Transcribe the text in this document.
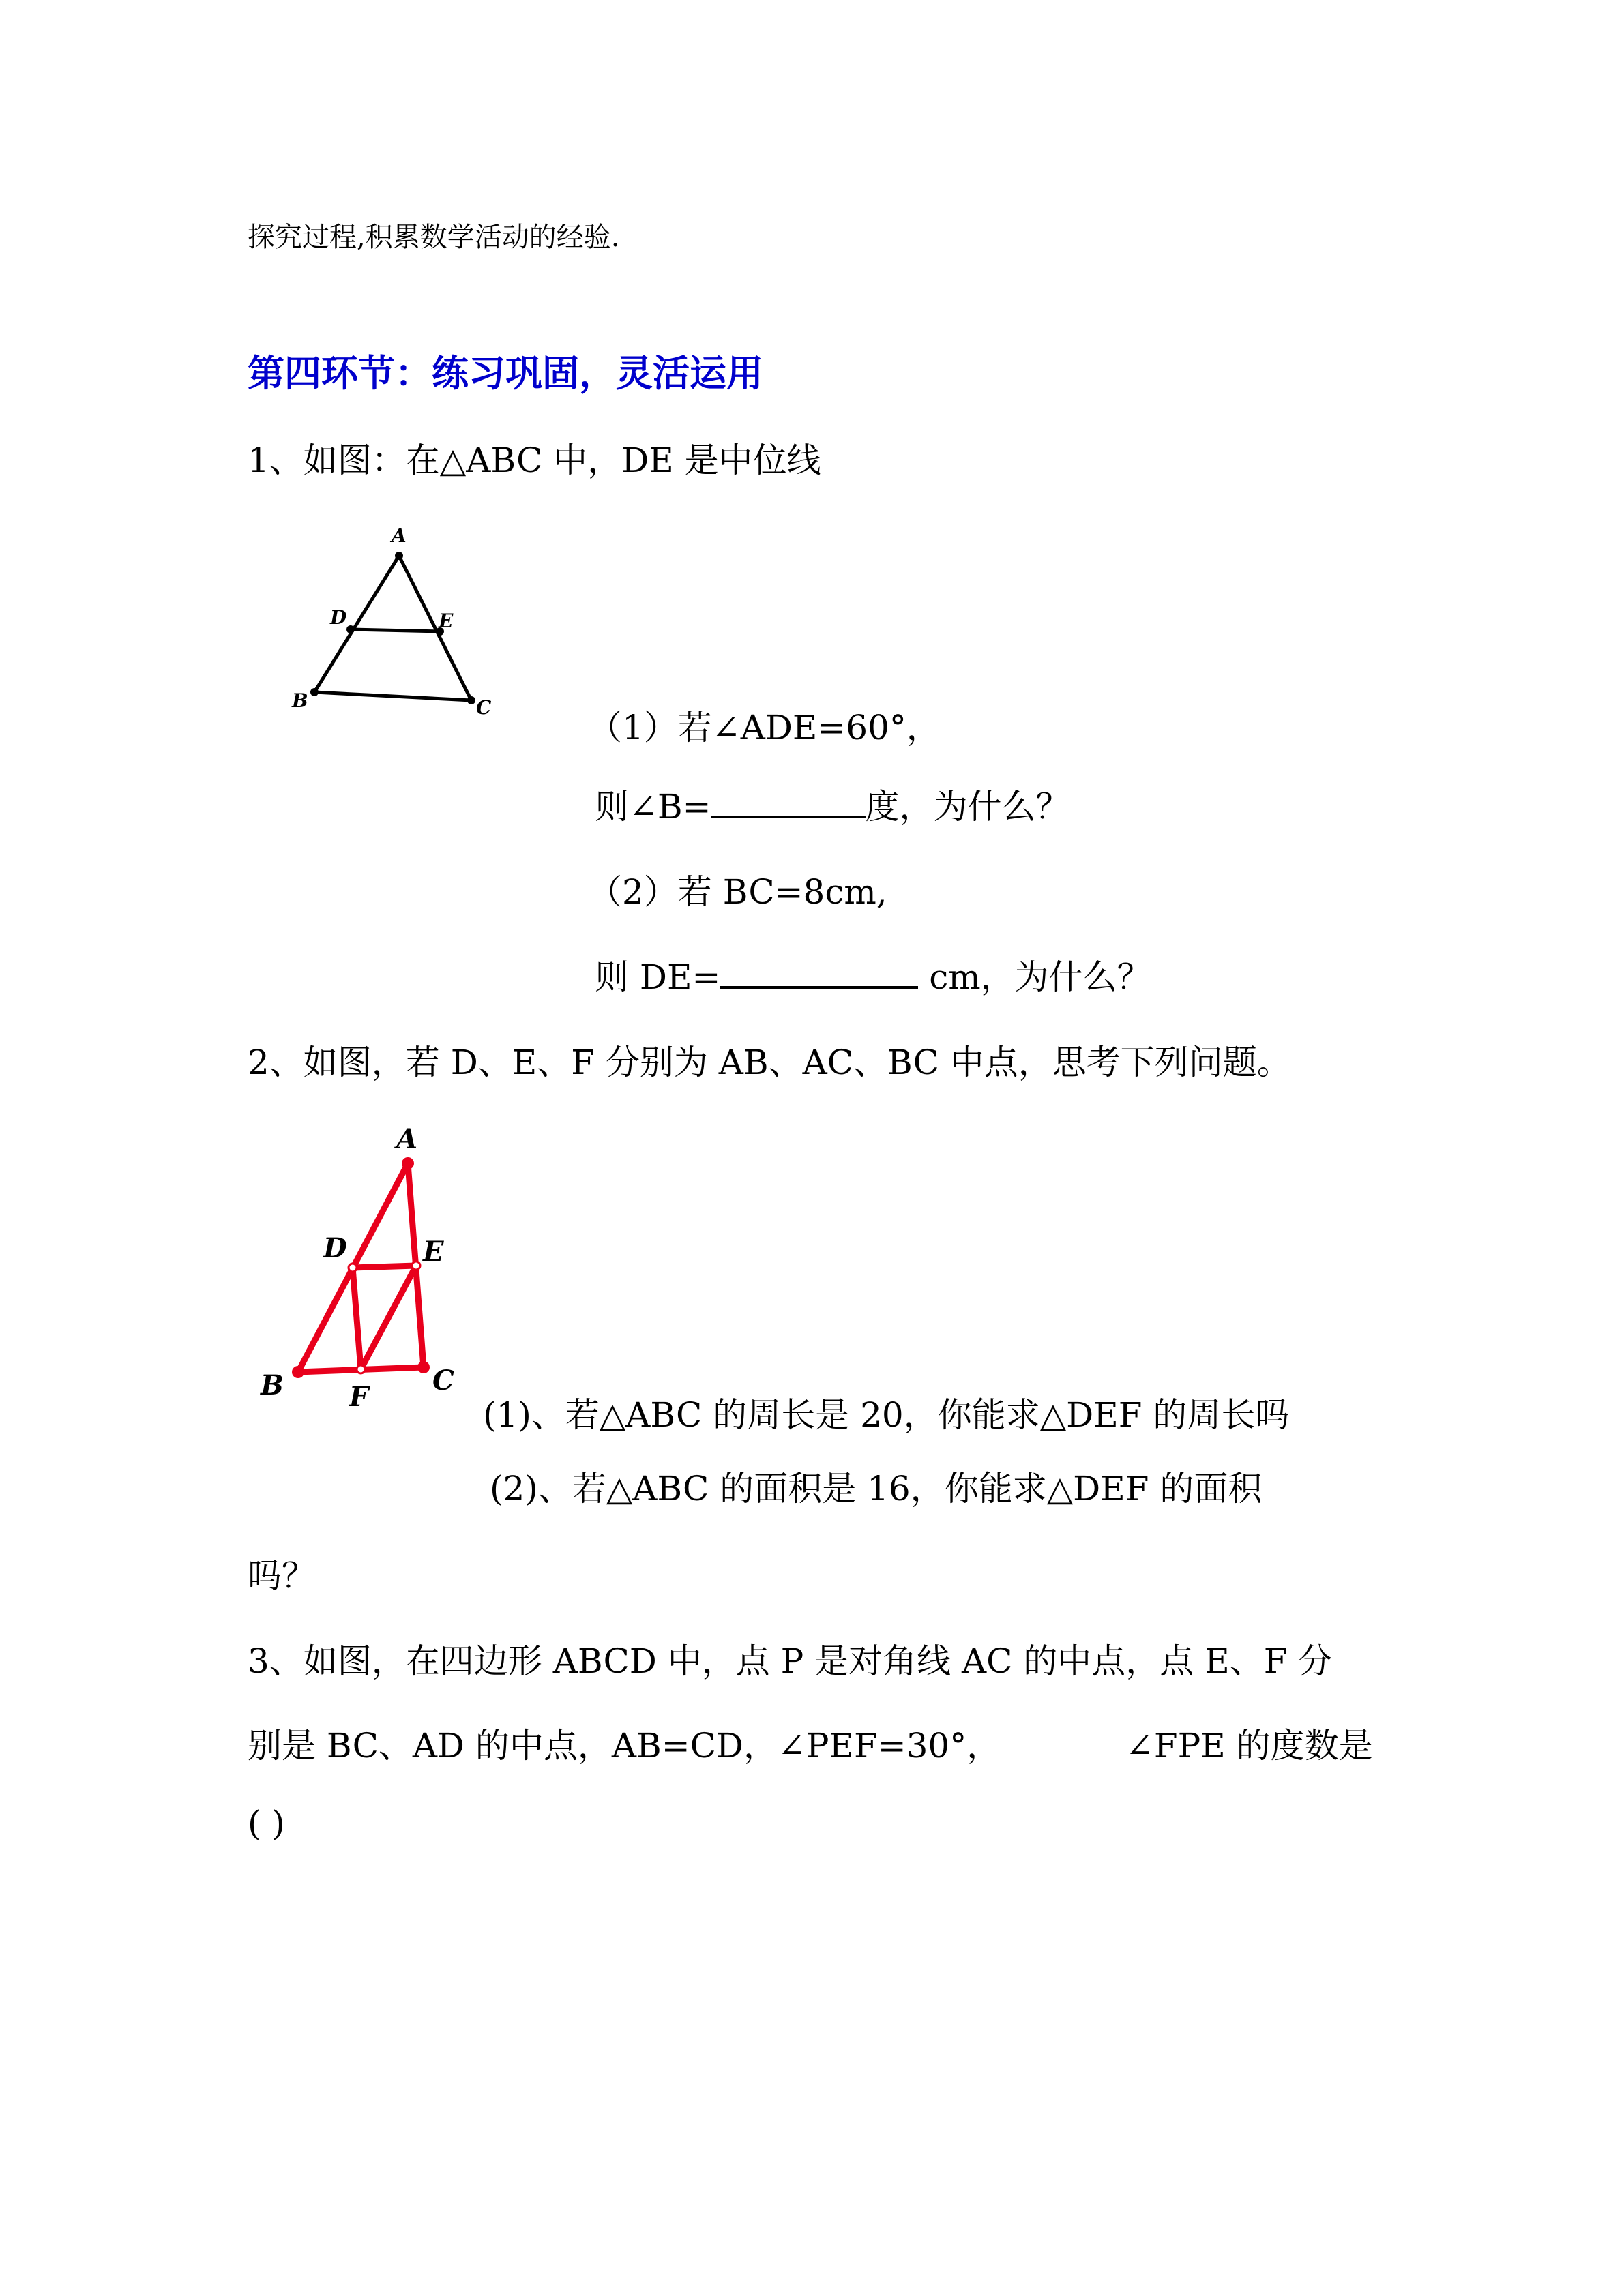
探究过程,积累数学活动的经验.
第四环节：练习巩固，灵活运用
1、如图：在△ABC 中，DE 是中位线
A
D	E
B	C
（1）若∠ADE=60°，
则∠B=	度，为什么？
（2）若 BC=8cm,
则 DE=	cm，为什么？
2、如图，若 D、E、F 分别为 AB、AC、BC 中点，思考下列问题。
A
D	E
B F
C
(1)、若△ABC 的周长是 20，你能求△DEF 的周长吗
(2)、若△ABC 的面积是 16，你能求△DEF 的面积
吗？
3、如图，在四边形 ABCD 中，点 P 是对角线 AC 的中点，点 E、F 分
别是 BC、AD 的中点，AB=CD，∠PEF=30°，	∠FPE 的度数是
( )
